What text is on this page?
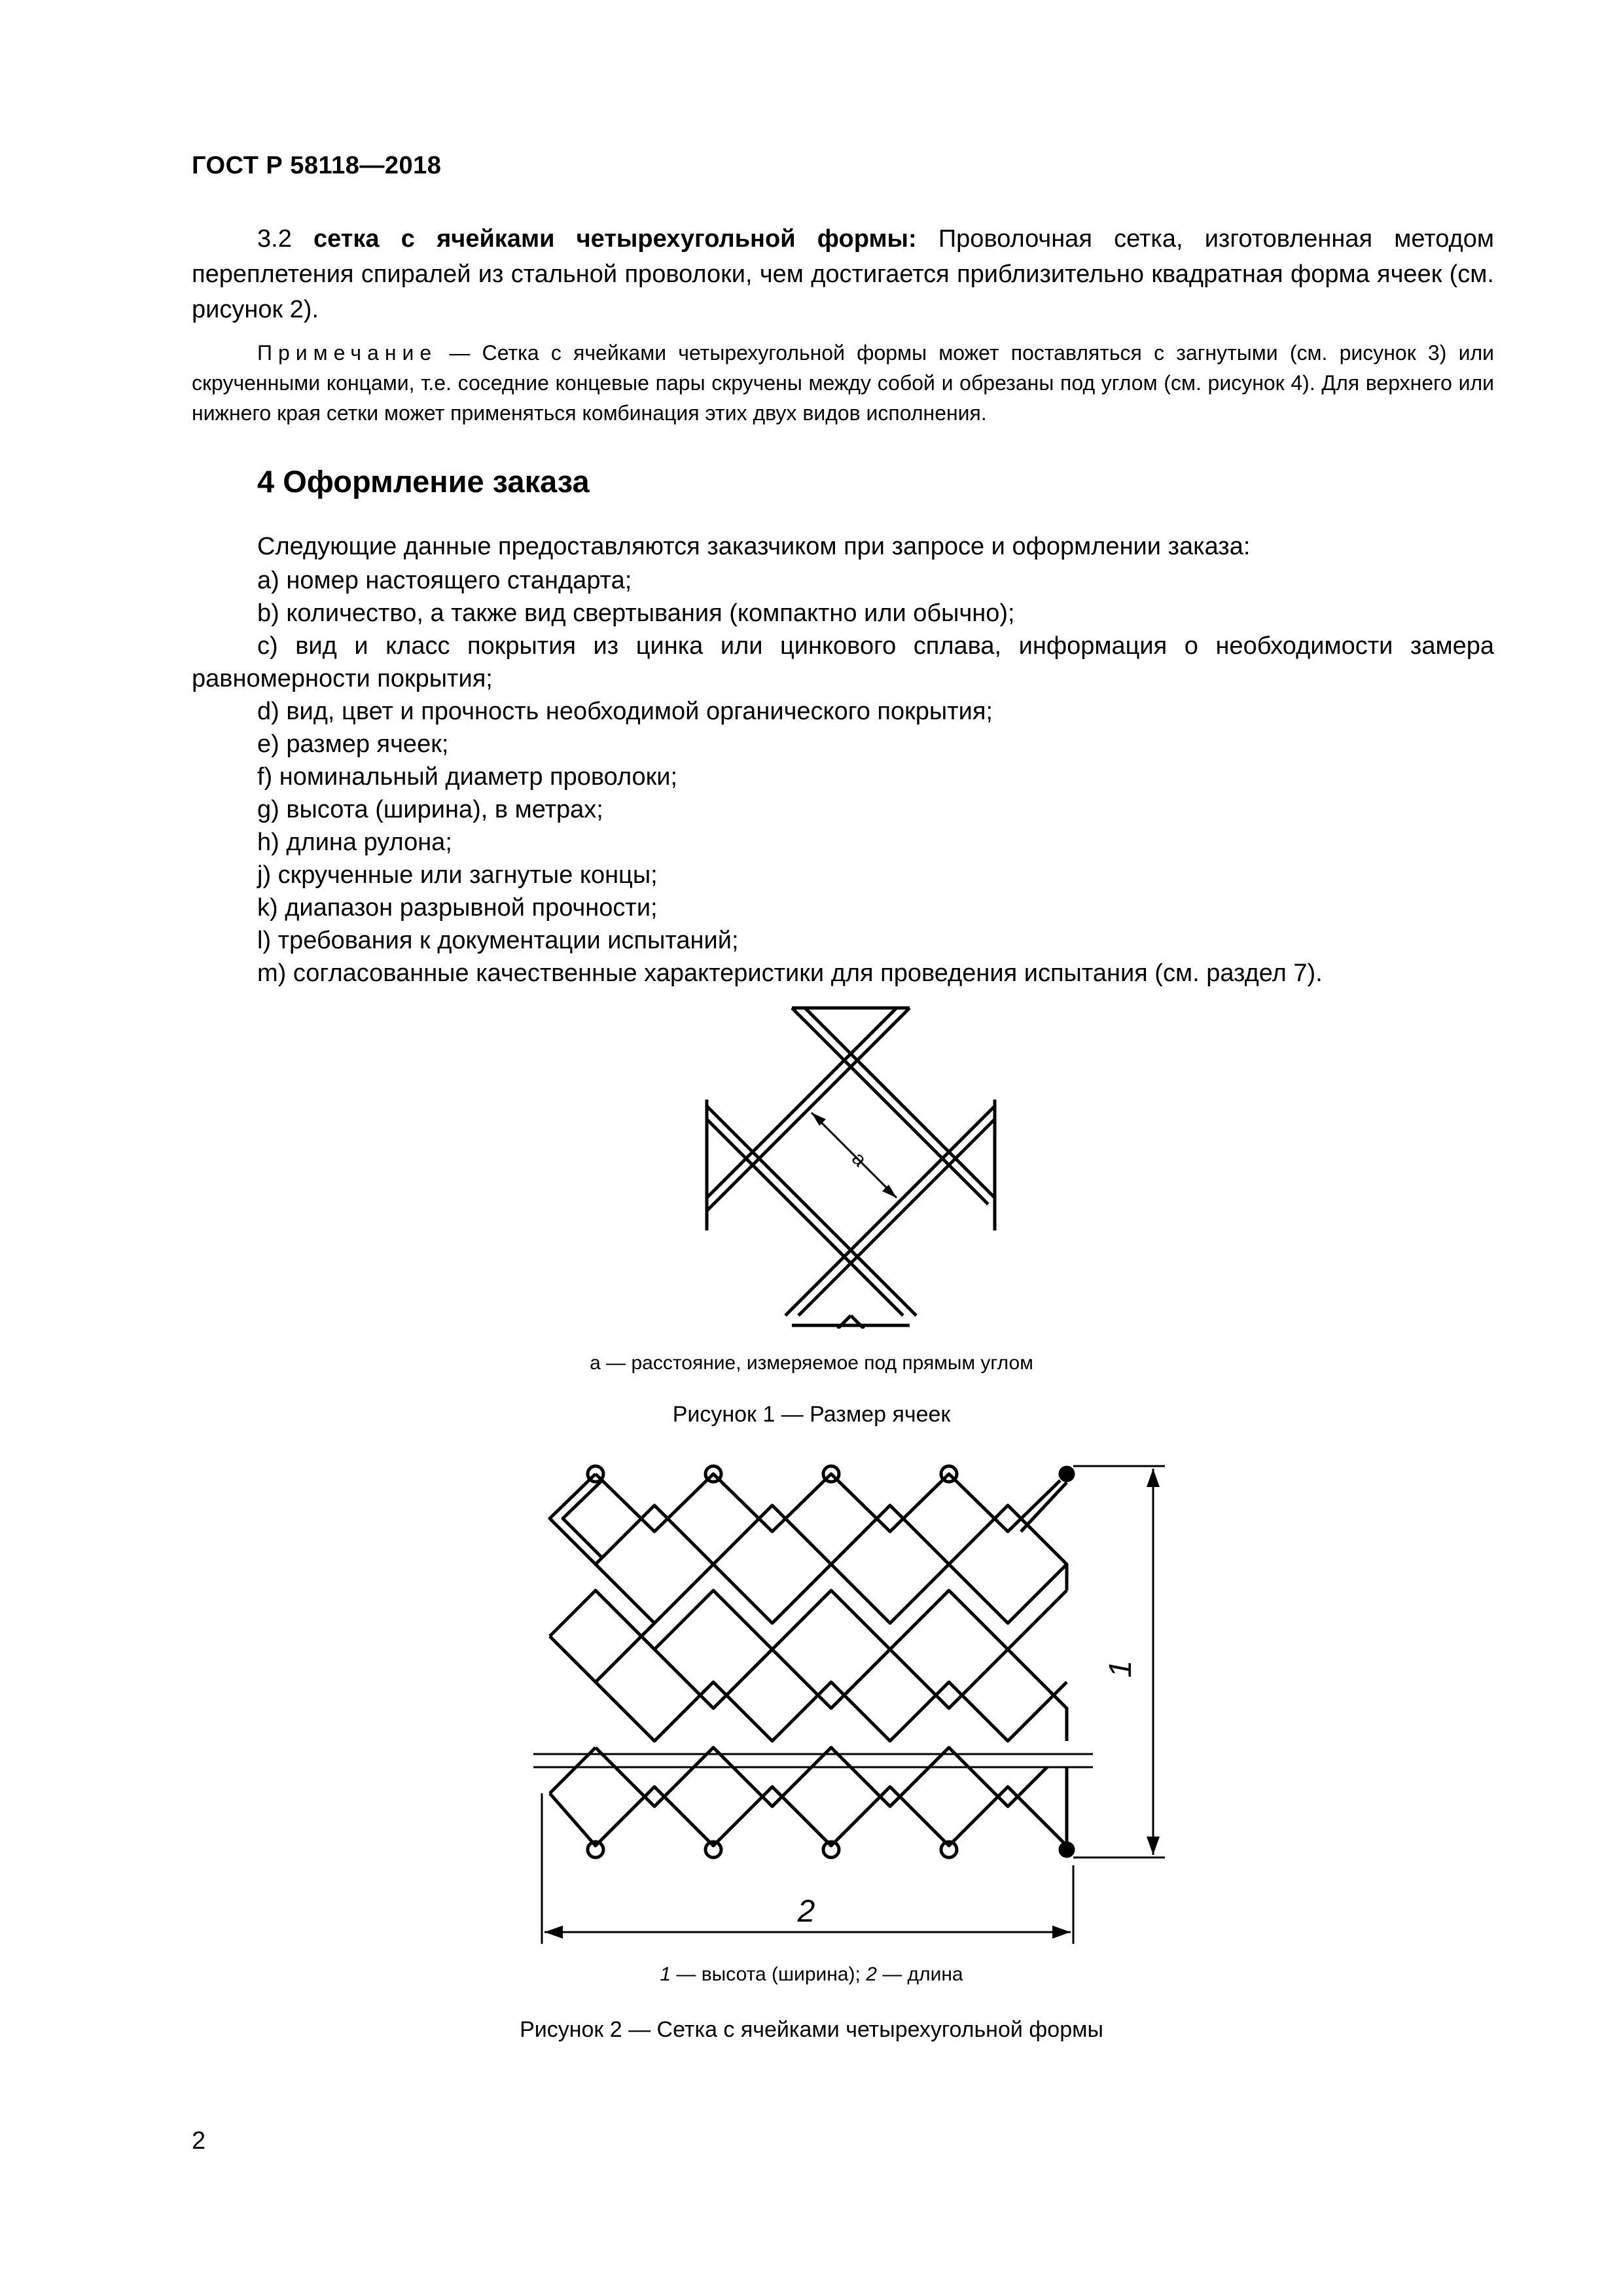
ГОСТ Р 58118—2018
3.2 сетка с ячейками четырехугольной формы: Проволочная сетка, изготовленная методом переплетения спиралей из стальной проволоки, чем достигается приблизительно квадратная форма ячеек (см. рисунок 2).
Примечание — Сетка с ячейками четырехугольной формы может поставляться с загнутыми (см. рисунок 3) или скрученными концами, т.е. соседние концевые пары скручены между собой и обрезаны под углом (см. рисунок 4). Для верхнего или нижнего края сетки может применяться комбинация этих двух видов исполнения.
4 Оформление заказа
Следующие данные предоставляются заказчиком при запросе и оформлении заказа:
a) номер настоящего стандарта;
b) количество, а также вид свертывания (компактно или обычно);
c) вид и класс покрытия из цинка или цинкового сплава, информация о необходимости замера равномерности покрытия;
d) вид, цвет и прочность необходимой органического покрытия;
e) размер ячеек;
f) номинальный диаметр проволоки;
g) высота (ширина), в метрах;
h) длина рулона;
j) скрученные или загнутые концы;
k) диапазон разрывной прочности;
l) требования к документации испытаний;
m) согласованные качественные характеристики для проведения испытания (см. раздел 7).
a
1
2
a — расстояние, измеряемое под прямым углом
Рисунок 1 — Размер ячеек
1 — высота (ширина); 2 — длина
Рисунок 2 — Сетка с ячейками четырехугольной формы
2
